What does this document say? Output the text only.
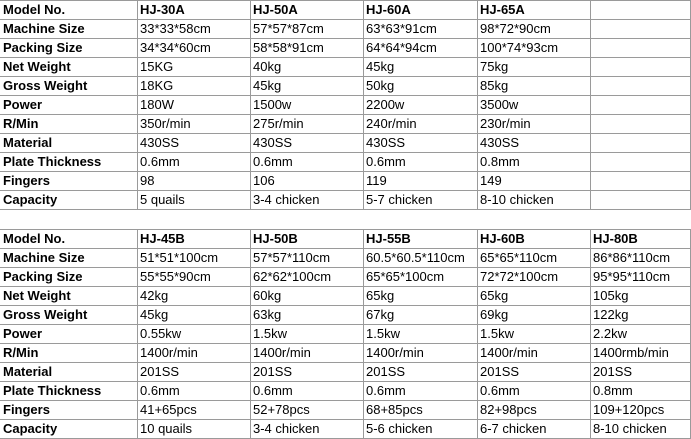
Model No.	HJ-30A	HJ-50A	HJ-60A	HJ-65A
Machine Size	33*33*58cm	57*57*87cm	63*63*91cm	98*72*90cm
Packing Size	34*34*60cm	58*58*91cm	64*64*94cm	100*74*93cm
Net Weight	15KG	40kg	45kg	75kg
Gross Weight	18KG	45kg	50kg	85kg
Power	180W	1500w	2200w	3500w
R/Min	350r/min	275r/min	240r/min	230r/min
Material	430SS	430SS	430SS	430SS
Plate Thickness	0.6mm	0.6mm	0.6mm	0.8mm
Fingers	98	106	119	149
Capacity	5 quails	3-4 chicken	5-7 chicken	8-10 chicken
Model No.	HJ-45B	HJ-50B	HJ-55B	HJ-60B	HJ-80B
Machine Size	51*51*100cm	57*57*110cm	60.5*60.5*110cm	65*65*110cm	86*86*110cm
Packing Size	55*55*90cm	62*62*100cm	65*65*100cm	72*72*100cm	95*95*110cm
Net Weight	42kg	60kg	65kg	65kg	105kg
Gross Weight	45kg	63kg	67kg	69kg	122kg
Power	0.55kw	1.5kw	1.5kw	1.5kw	2.2kw
R/Min	1400r/min	1400r/min	1400r/min	1400r/min	1400rmb/min
Material	201SS	201SS	201SS	201SS	201SS
Plate Thickness	0.6mm	0.6mm	0.6mm	0.6mm	0.8mm
Fingers	41+65pcs	52+78pcs	68+85pcs	82+98pcs	109+120pcs
Capacity	10 quails	3-4 chicken	5-6 chicken	6-7 chicken	8-10 chicken
